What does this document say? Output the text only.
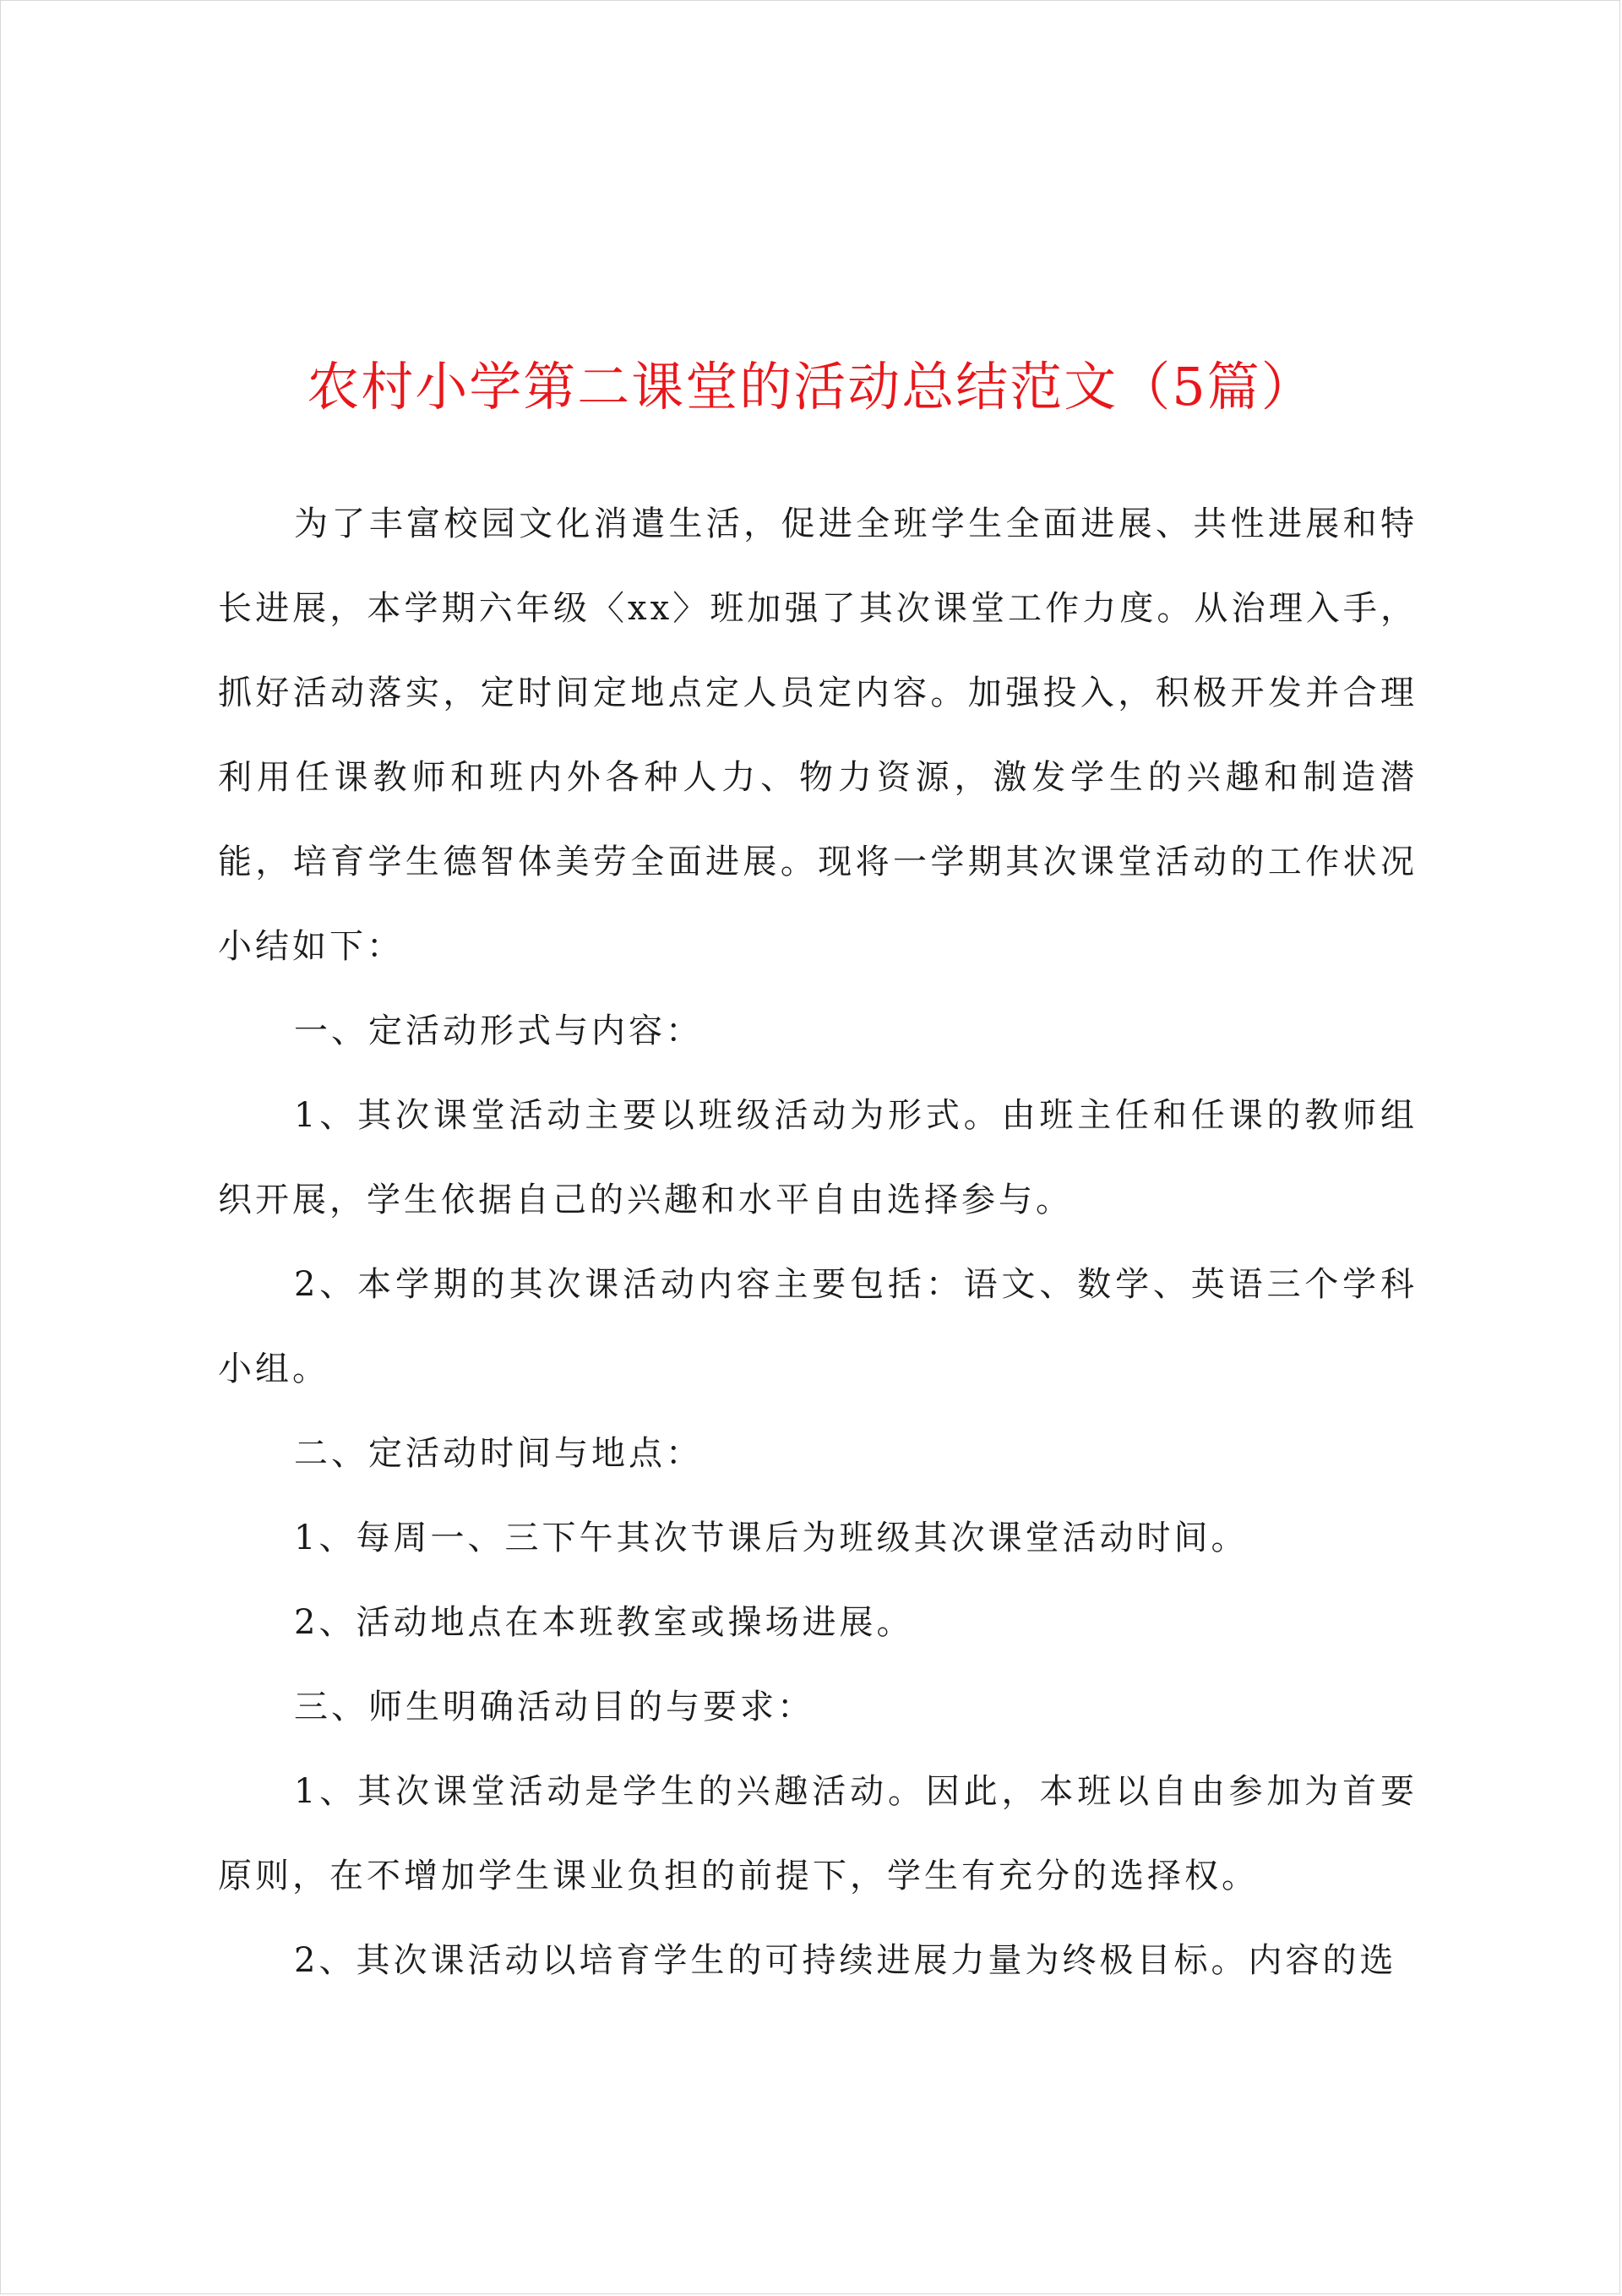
农村小学第二课堂的活动总结范文（5篇）

为了丰富校园文化消遣生活，促进全班学生全面进展、共性进展和特长进展，本学期六年级〈xx〉班加强了其次课堂工作力度。从治理入手，抓好活动落实，定时间定地点定人员定内容。加强投入，积极开发并合理利用任课教师和班内外各种人力、物力资源，激发学生的兴趣和制造潜能，培育学生德智体美劳全面进展。现将一学期其次课堂活动的工作状况小结如下：

一、定活动形式与内容：

1、其次课堂活动主要以班级活动为形式。由班主任和任课的教师组织开展，学生依据自己的兴趣和水平自由选择参与。

2、本学期的其次课活动内容主要包括：语文、数学、英语三个学科小组。

二、定活动时间与地点：

1、每周一、三下午其次节课后为班级其次课堂活动时间。

2、活动地点在本班教室或操场进展。

三、师生明确活动目的与要求：

1、其次课堂活动是学生的兴趣活动。因此，本班以自由参加为首要原则，在不增加学生课业负担的前提下，学生有充分的选择权。

2、其次课活动以培育学生的可持续进展力量为终极目标。内容的选
